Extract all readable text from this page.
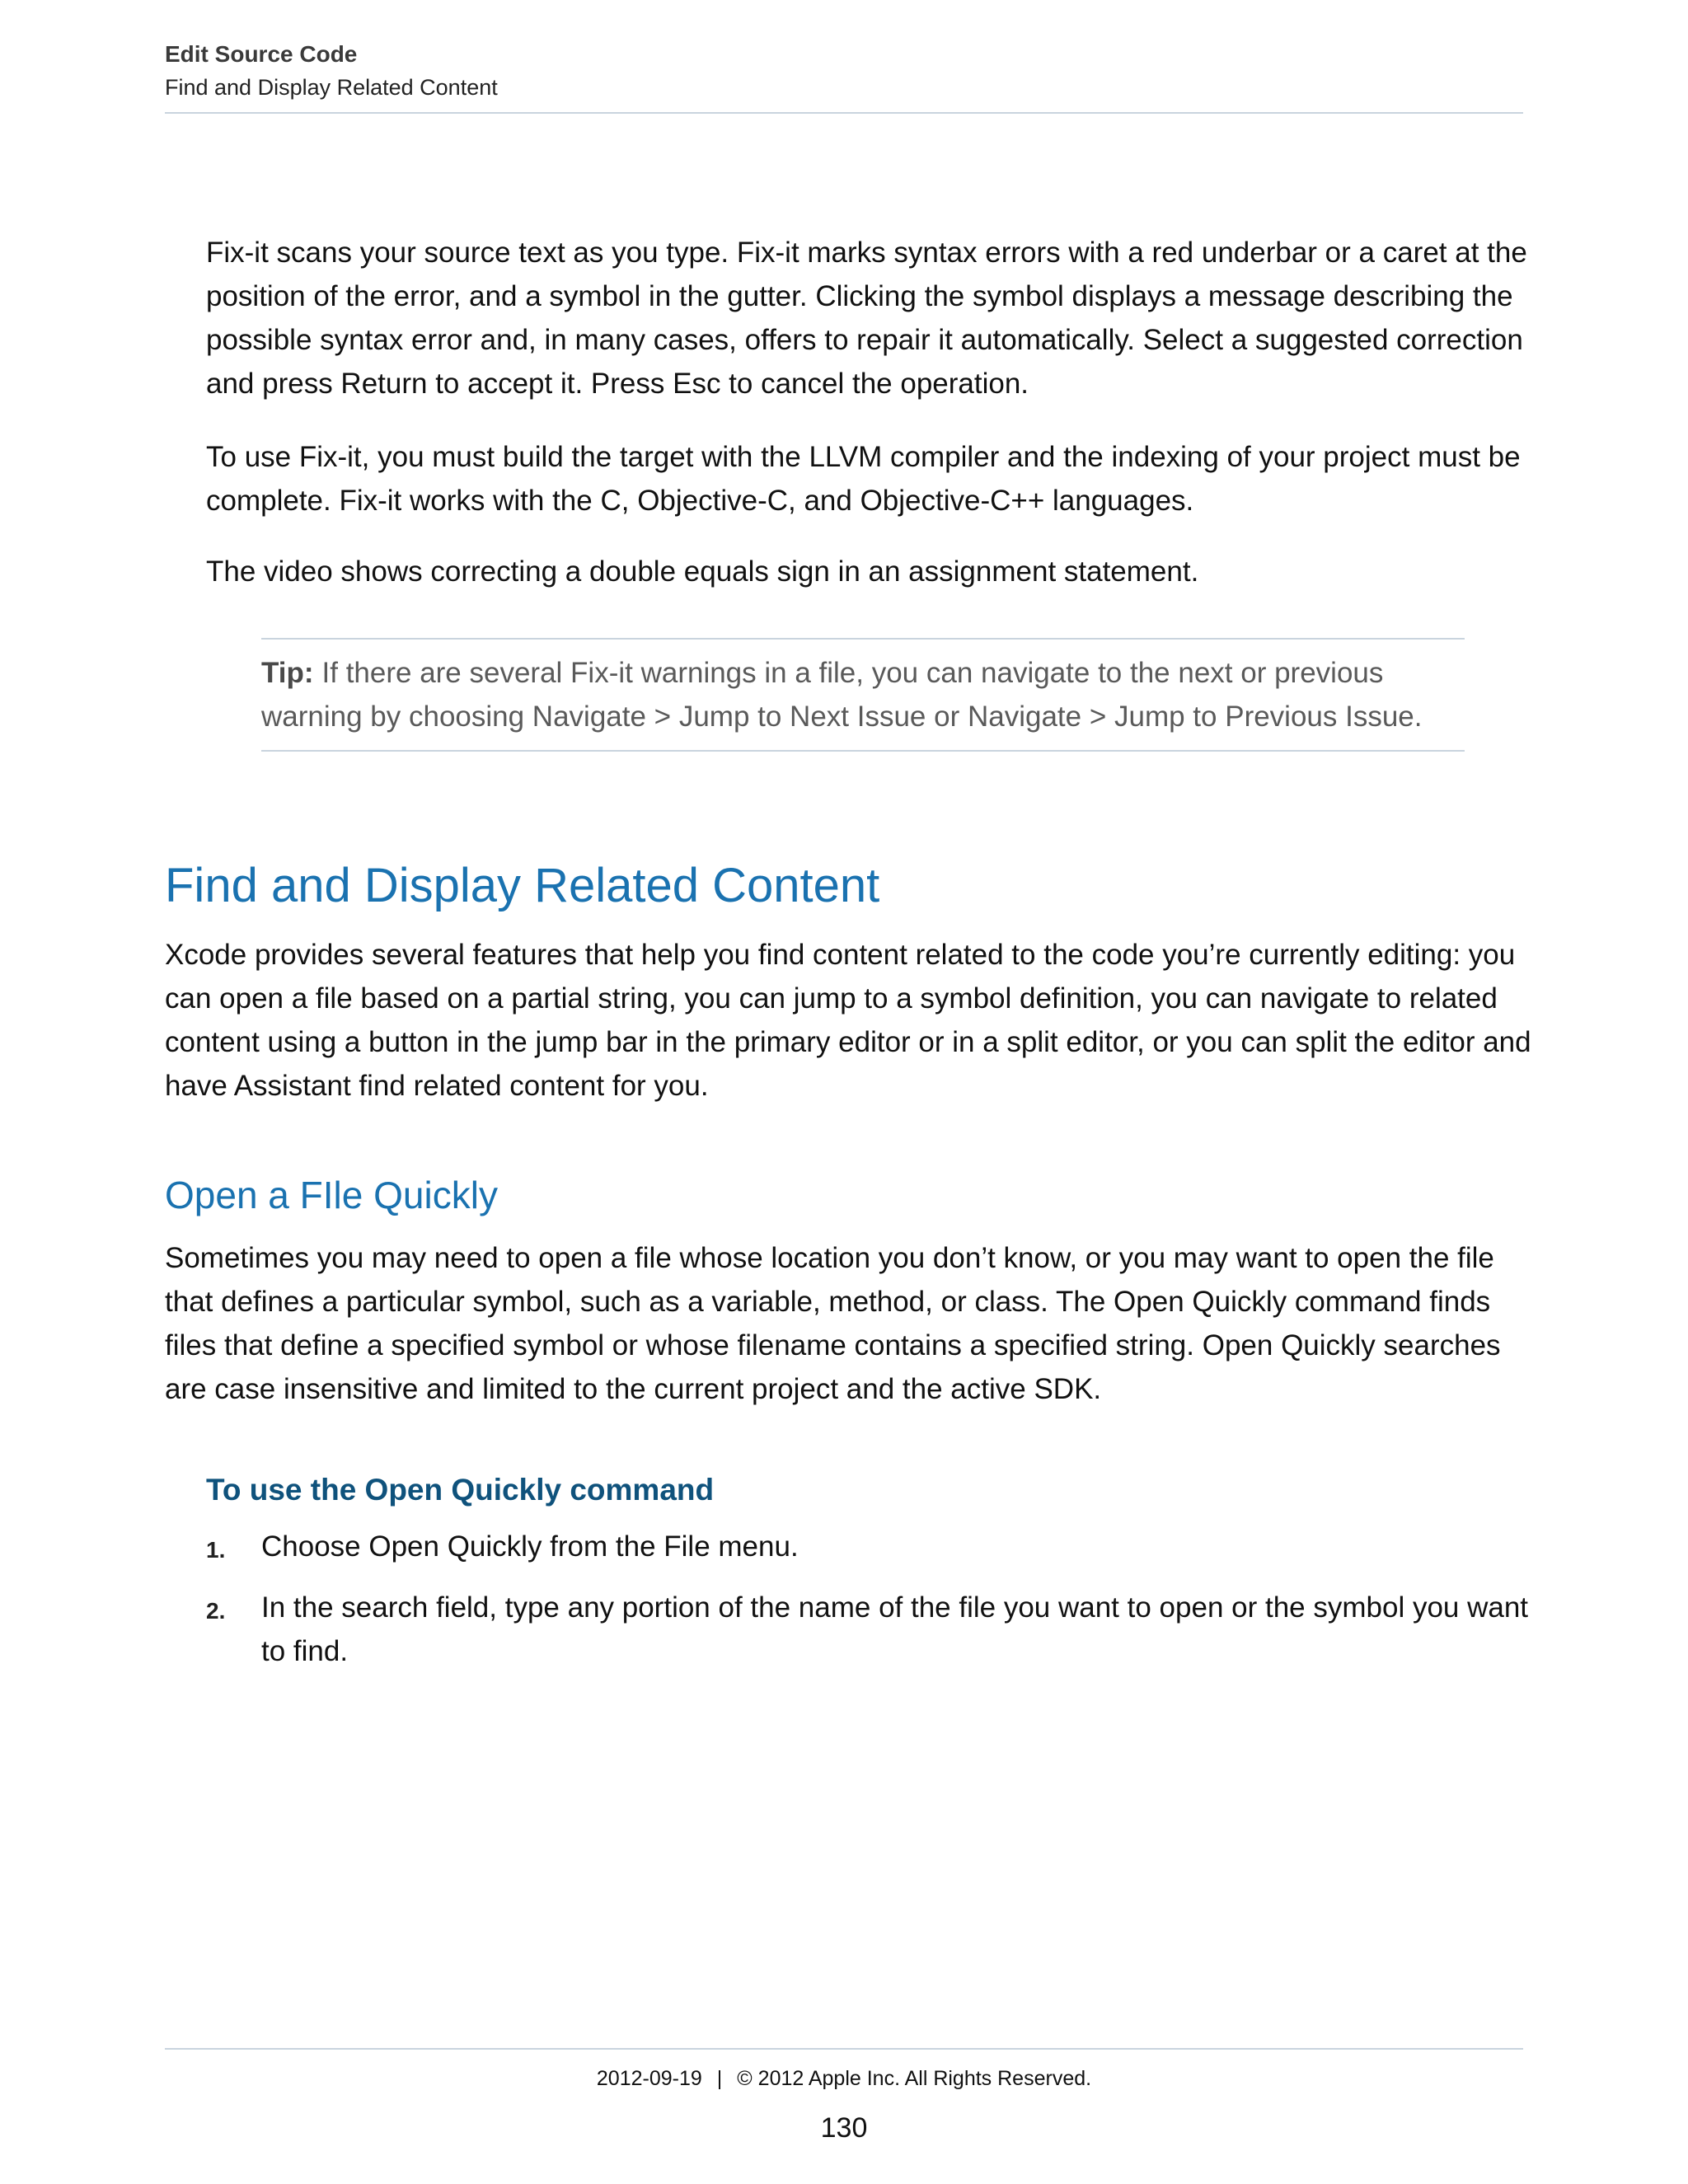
Edit Source Code
Find and Display Related Content

Fix-it scans your source text as you type. Fix-it marks syntax errors with a red underbar or a caret at the position of the error, and a symbol in the gutter. Clicking the symbol displays a message describing the possible syntax error and, in many cases, offers to repair it automatically. Select a suggested correction and press Return to accept it. Press Esc to cancel the operation.

To use Fix-it, you must build the target with the LLVM compiler and the indexing of your project must be complete. Fix-it works with the C, Objective-C, and Objective-C++ languages.

The video shows correcting a double equals sign in an assignment statement.

Tip: If there are several Fix-it warnings in a file, you can navigate to the next or previous warning by choosing Navigate > Jump to Next Issue or Navigate > Jump to Previous Issue.
Find and Display Related Content

Xcode provides several features that help you find content related to the code you’re currently editing: you can open a file based on a partial string, you can jump to a symbol definition, you can navigate to related content using a button in the jump bar in the primary editor or in a split editor, or you can split the editor and have Assistant find related content for you.

Open a FIle Quickly

Sometimes you may need to open a file whose location you don’t know, or you may want to open the file that defines a particular symbol, such as a variable, method, or class. The Open Quickly command finds files that define a specified symbol or whose filename contains a specified string. Open Quickly searches are case insensitive and limited to the current project and the active SDK.

To use the Open Quickly command
1.	Choose Open Quickly from the File menu.
2.	In the search field, type any portion of the name of the file you want to open or the symbol you want to find.
2012-09-19 | © 2012 Apple Inc. All Rights Reserved.
130
